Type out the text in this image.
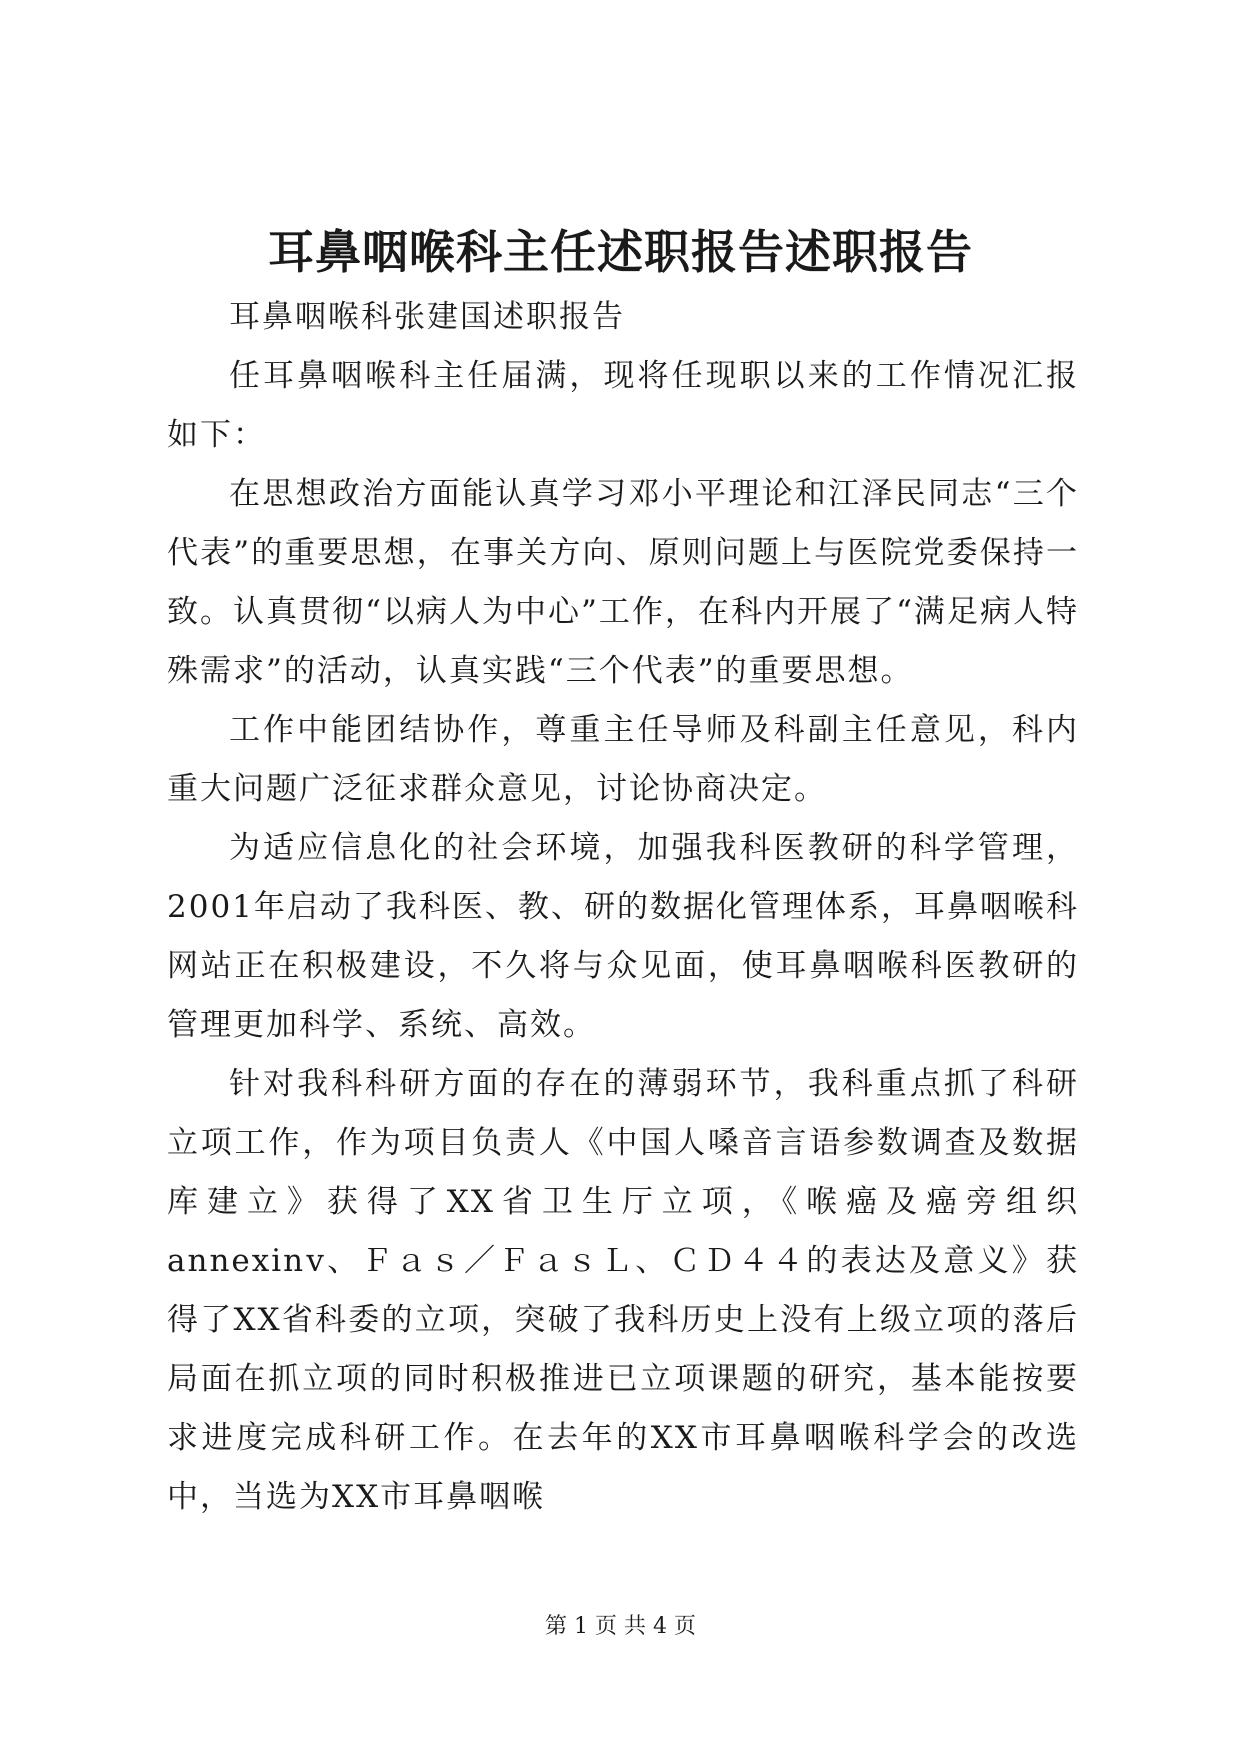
耳鼻咽喉科主任述职报告述职报告

耳鼻咽喉科张建国述职报告

任耳鼻咽喉科主任届满，现将任现职以来的工作情况汇报如下：

在思想政治方面能认真学习邓小平理论和江泽民同志“三个代表”的重要思想，在事关方向、原则问题上与医院党委保持一致。认真贯彻“以病人为中心”工作，在科内开展了“满足病人特殊需求”的活动，认真实践“三个代表”的重要思想。

工作中能团结协作，尊重主任导师及科副主任意见，科内重大问题广泛征求群众意见，讨论协商决定。

为适应信息化的社会环境，加强我科医教研的科学管理，2001年启动了我科医、教、研的数据化管理体系，耳鼻咽喉科网站正在积极建设，不久将与众见面，使耳鼻咽喉科医教研的管理更加科学、系统、高效。

针对我科科研方面的存在的薄弱环节，我科重点抓了科研立项工作，作为项目负责人《中国人嗓音言语参数调查及数据库建立》获得了XX省卫生厅立项，《喉癌及癌旁组织annexinⅴ、Ｆａｓ／ＦａｓＬ、ＣＤ４４的表达及意义》获得了XX省科委的立项，突破了我科历史上没有上级立项的落后局面在抓立项的同时积极推进已立项课题的研究，基本能按要求进度完成科研工作。在去年的XX市耳鼻咽喉科学会的改选中，当选为XX市耳鼻咽喉

第 1 页 共 4 页
